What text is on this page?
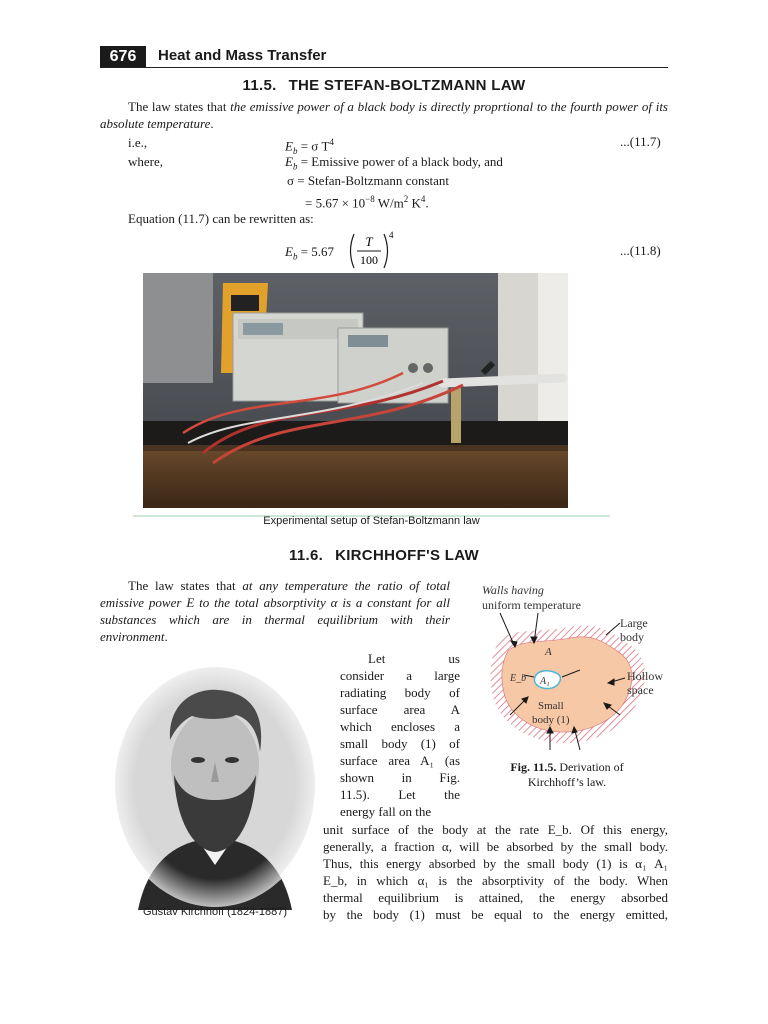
676	Heat and Mass Transfer
11.5. THE STEFAN-BOLTZMANN LAW
The law states that the emissive power of a black body is directly proprtional to the fourth power of its absolute temperature.
i.e.,	$E_b = \sigma$ $T^4$	...(11.7)
where,	$E_b$ = Emissive power of a black body, and
σ = Stefan-Boltzmann constant
= $5.67 \times 10^{-8}$ $W/m^2$ $K^4$.
Equation (11.7) can be rewritten as:
$E_b = 5.67$
T
100
4
...(11.8)
Experimental setup of Stefan-Boltzmann law
11.6. KIRCHHOFF'S LAW
The law states that at any temperature the ratio of total emissive power E to the total absorptivity α is a constant for all substances which are in thermal equilibrium with their environment.
Walls having
uniform temperature
Large
body
Hollow
space
A
E_b A₁
Small
body (1)
Fig. 11.5. Derivation of Kirchhoff’s law.
Let us
consider a large
radiating body of
surface area A
which encloses a
small body (1) of
surface area A₁ (as
shown in Fig.
11.5). Let the
energy fall on the
unit surface of the body at the rate E_b. Of this energy,
generally, a fraction α, will be absorbed by the small body.
Thus, this energy absorbed by the small body (1) is α₁ A₁
E_b, in which α₁ is the absorptivity of the body. When
thermal equilibrium is attained, the energy absorbed
by the body (1) must be equal to the energy emitted,
Gustav Kirchhoff (1824-1887)
